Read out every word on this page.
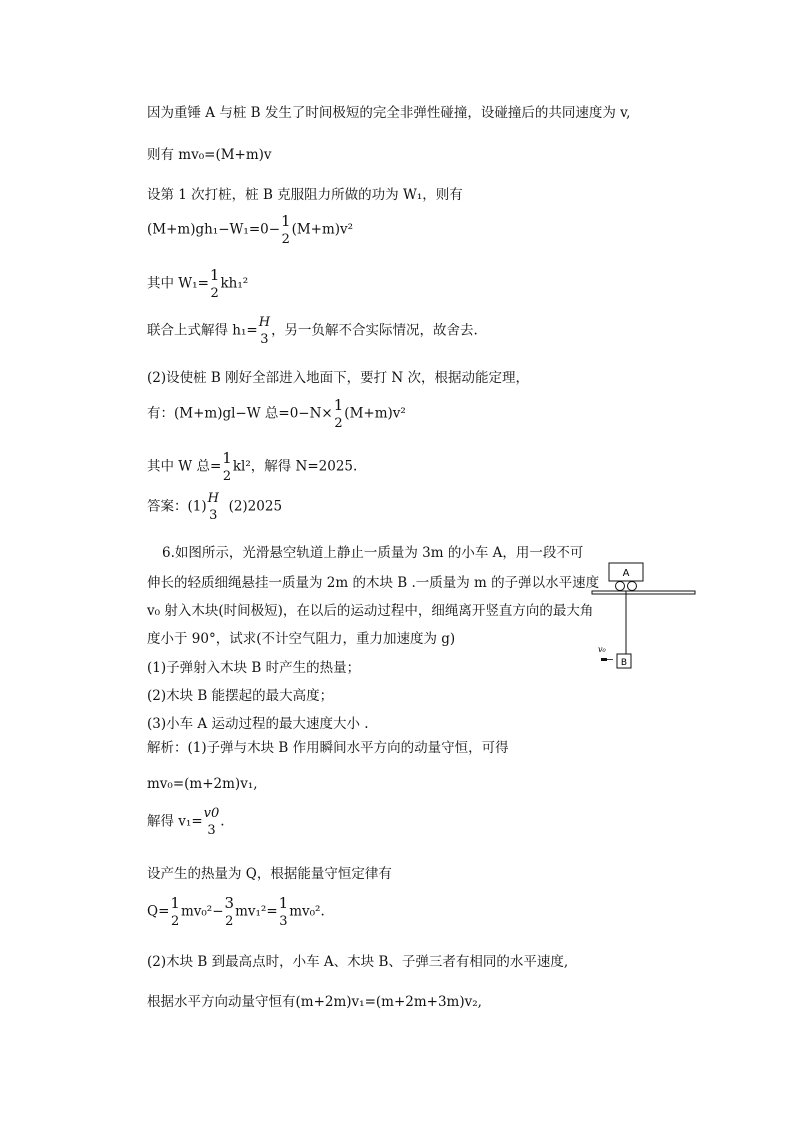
因为重锤 A 与桩 B 发生了时间极短的完全非弹性碰撞，设碰撞后的共同速度为 v,
则有 mv₀=(M+m)v
设第 1 次打桩，桩 B 克服阻力所做的功为 W₁，则有
(M+m)gh₁−W₁=0− 1
2
(M+m)v²
其中 W₁= 1
2
kh₁²
联合上式解得 h₁= H
3
，另一负解不合实际情况，故舍去.
(2)设使桩 B 刚好全部进入地面下，要打 N 次，根据动能定理，
有：(M+m)gl−W 总=0−N× 1
2
(M+m)v²
其中 W 总= 1
2
kl²，解得 N=2025.
答案：(1) H
3
(2)2025
6.如图所示，光滑悬空轨道上静止一质量为 3m 的小车 A，用一段不可
伸长的轻质细绳悬挂一质量为 2m 的木块 B .一质量为 m 的子弹以水平速度
v₀ 射入木块(时间极短)，在以后的运动过程中，细绳离开竖直方向的最大角
度小于 90°，试求(不计空气阻力，重力加速度为 g)
(1)子弹射入木块 B 时产生的热量；
(2)木块 B 能摆起的最大高度；
(3)小车 A 运动过程的最大速度大小 .
A
B
v₀
解析：(1)子弹与木块 B 作用瞬间水平方向的动量守恒，可得
mv₀=(m+2m)v₁,
解得 v₁= v0
3
.
设产生的热量为 Q，根据能量守恒定律有
Q= 1
2
mv₀²− 3
2
mv₁²= 1
3
mv₀².
(2)木块 B 到最高点时，小车 A、木块 B、子弹三者有相同的水平速度,
根据水平方向动量守恒有(m+2m)v₁=(m+2m+3m)v₂,
